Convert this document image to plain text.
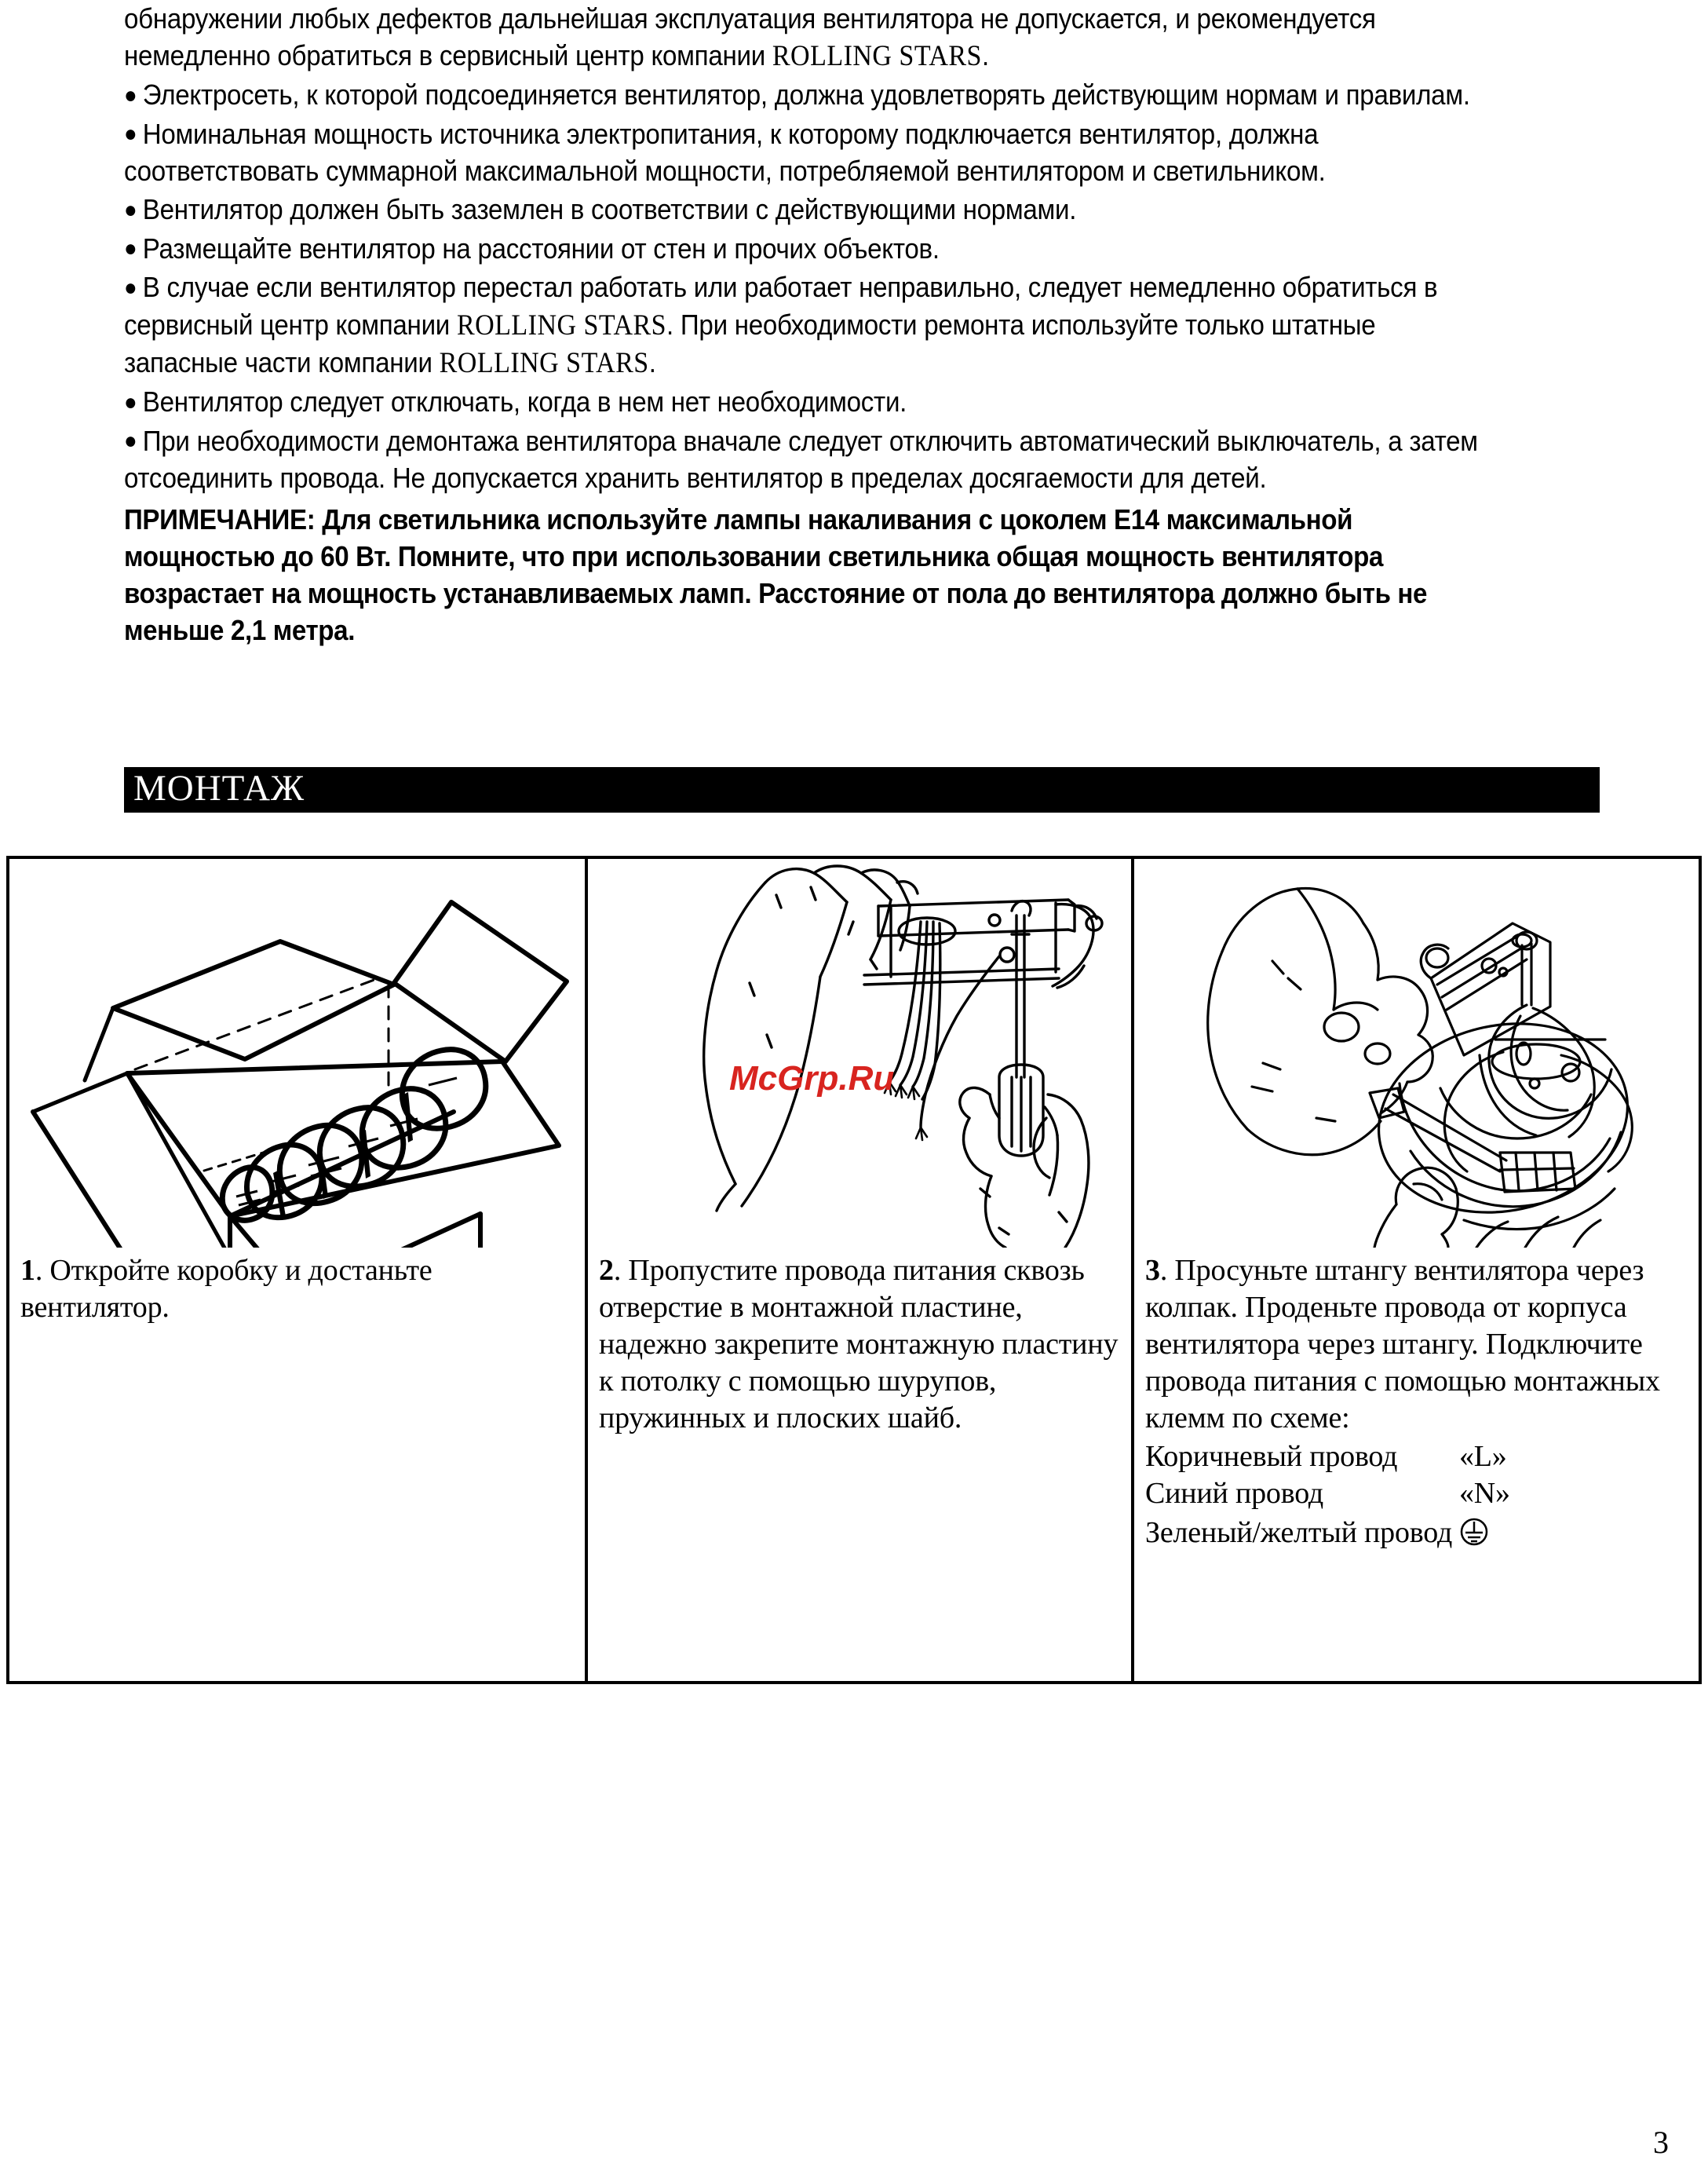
обнаружении любых дефектов дальнейшая эксплуатация вентилятора не допускается, и рекомендуется немедленно обратиться в сервисный центр компании ROLLING STARS.

● Электросеть, к которой подсоединяется вентилятор, должна удовлетворять действующим нормам и правилам.

● Номинальная мощность источника электропитания, к которому подключается вентилятор, должна соответствовать суммарной максимальной мощности, потребляемой вентилятором и светильником.

● Вентилятор должен быть заземлен в соответствии с действующими нормами.

● Размещайте вентилятор на расстоянии от стен и прочих объектов.

● В случае если вентилятор перестал работать или работает неправильно, следует немедленно обратиться в сервисный центр компании ROLLING STARS. При необходимости ремонта используйте только штатные запасные части компании ROLLING STARS.

● Вентилятор следует отключать, когда в нем нет необходимости.

● При необходимости демонтажа вентилятора вначале следует отключить автоматический выключатель, а затем отсоединить провода. Не допускается хранить вентилятор в пределах досягаемости для детей.

ПРИМЕЧАНИЕ: Для светильника используйте лампы накаливания с цоколем Е14 максимальной мощностью до 60 Вт. Помните, что при использовании светильника общая мощность вентилятора возрастает на мощность устанавливаемых ламп. Расстояние от пола до вентилятора должно быть не меньше 2,1 метра.

МОНТАЖ
1. Откройте коробку и достаньте вентилятор.
McGrp.Ru
2. Пропустите провода питания сквозь отверстие в монтажной пластине, надежно закрепите монтажную пластину к потолку с помощью шурупов, пружинных и плоских шайб.
3. Просуньте штангу вентилятора через колпак. Проденьте провода от корпуса вентилятора через штангу. Подключите провода питания с помощью монтажных клемм по схеме:
Коричневый провод	«L»
Синий провод	«N»
Зеленый/желтый провод
3
